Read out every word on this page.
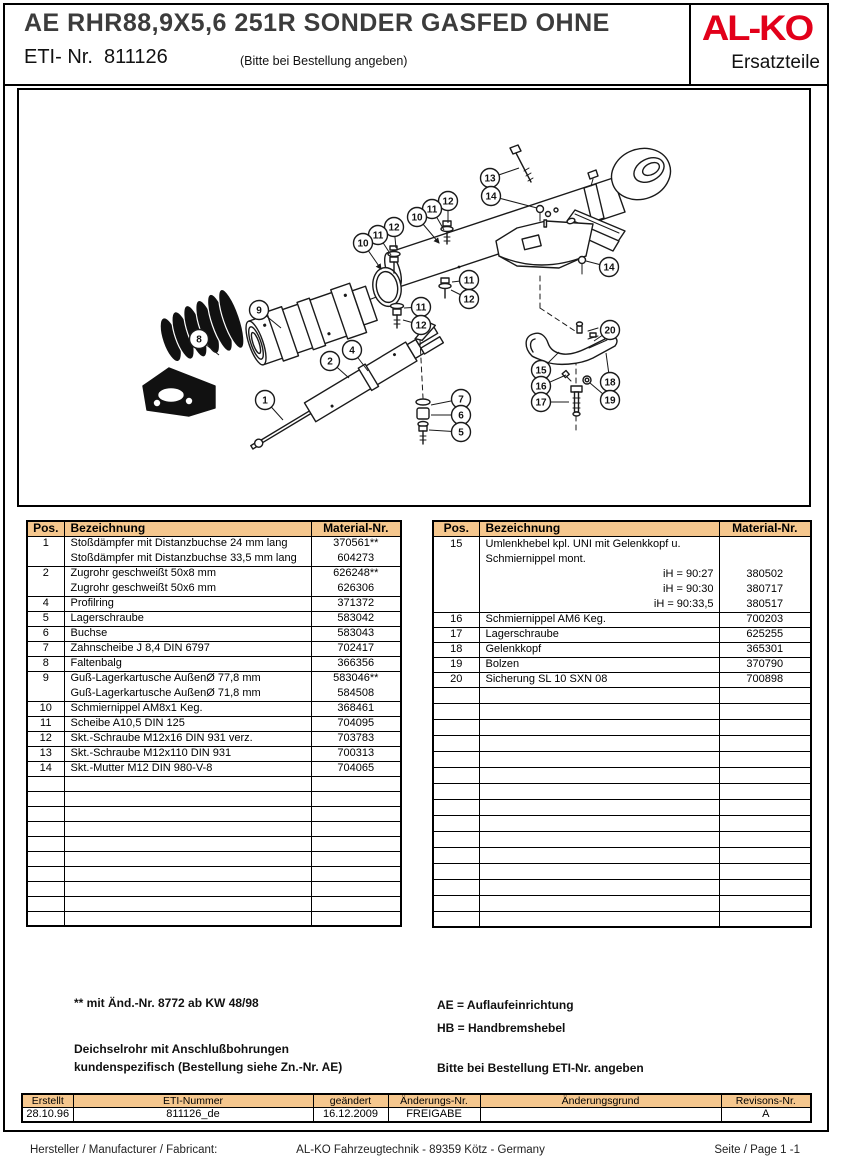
AE RHR88,9X5,6 251R SONDER GASFED OHNE
ETI- Nr.  811126	(Bitte bei Bestellung angeben)
AL-KO
Ersatzteile
13
14
12
11
10
12
11
10
11
12
11
12
14
9
8
2
4
1	7
6
5
15
16
17
20
18
19
Pos.	Bezeichnung	Material-Nr.
1	Stoßdämpfer mit Distanzbuchse 24 mm lang	370561**
	Stoßdämpfer mit Distanzbuchse 33,5 mm lang	604273
2	Zugrohr geschweißt 50x8 mm	626248**
	Zugrohr geschweißt 50x6 mm	626306
4	Profilring	371372
5	Lagerschraube	583042
6	Buchse	583043
7	Zahnscheibe J 8,4 DIN 6797	702417
8	Faltenbalg	366356
9	Guß-Lagerkartusche AußenØ 77,8 mm	583046**
	Guß-Lagerkartusche AußenØ 71,8 mm	584508
10	Schmiernippel AM8x1 Keg.	368461
11	Scheibe A10,5 DIN 125	704095
12	Skt.-Schraube M12x16 DIN 931 verz.	703783
13	Skt.-Schraube M12x110 DIN 931	700313
14	Skt.-Mutter M12 DIN 980-V-8	704065

Pos.	Bezeichnung	Material-Nr.
15	Umlenkhebel kpl. UNI mit Gelenkkopf u.
Schmiernippel mont.	

	iH = 90:27	380502
	iH = 90:30	380717
	iH = 90:33,5	380517
16	Schmiernippel AM6 Keg.	700203
17	Lagerschraube	625255
18	Gelenkkopf	365301
19	Bolzen	370790
20	Sicherung SL 10 SXN 08	700898

** mit Änd.-Nr. 8772 ab KW 48/98
Deichselrohr mit Anschlußbohrungen
kundenspezifisch (Bestellung siehe Zn.-Nr. AE)
AE = Auflaufeinrichtung
HB = Handbremshebel
Bitte bei Bestellung ETI-Nr. angeben
Erstellt	ETI-Nummer	geändert	Änderungs-Nr.	Änderungsgrund	Revisons-Nr.
28.10.96	811126_de	16.12.2009	FREIGABE		A
Hersteller / Manufacturer / Fabricant:	AL-KO Fahrzeugtechnik - 89359 Kötz - Germany	Seite / Page 1 -1
